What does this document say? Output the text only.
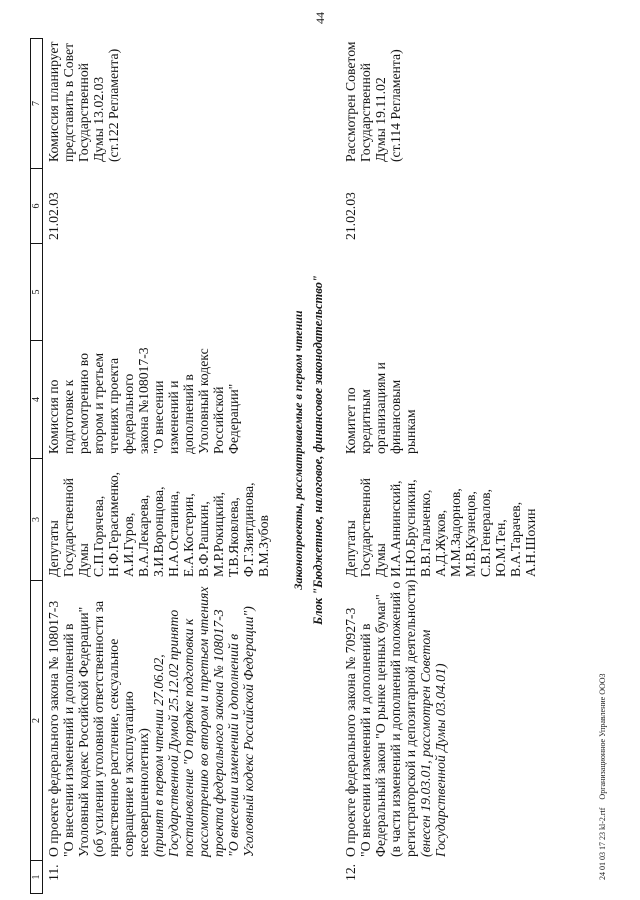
44
1
2
3
4
5
6
7
11.
О проекте федерального закона № 108017-3 "О внесении изменений и дополнений в Уголовный кодекс Российской Федерации" (об усилении уголовной ответственности за нравственное растление, сексуальное совращение и эксплуатацию несовершеннолетних) (принят в первом чтении 27.06.02, Государственной Думой 25.12.02 принято постановление "О порядке подготовки к рассмотрению во втором и третьем чтениях проекта федерального закона № 108017-3 "О внесении изменений и дополнений в Уголовный кодекс Российской Федерации")
Депутаты Государственной Думы С.П.Горячева, Н.Ф.Герасименко, А.И.Гуров, В.А.Лекарева, З.И.Воронцова, Н.А.Останина, Е.А.Костерин, В.Ф.Рашкин, М.Р.Рокицкий, Т.В.Яковлева, Ф.Г.Зиятдинова, В.М.Зубов
Комиссия по подготовке к рассмотрению во втором и третьем чтениях проекта федерального закона №108017-3 "О внесении изменений и дополнений в Уголовный кодекс Российской Федерации"
21.02.03
Комиссия планирует представить в Совет Государственной Думы 13.02.03 (ст.122 Регламента)
Законопроекты, рассматриваемые в первом чтении Блок "Бюджетное, налоговое, финансовое законодательство"
12.
О проекте федерального закона № 70927-3 "О внесении изменений и дополнений в Федеральный закон "О рынке ценных бумаг" (в части изменений и дополнений положений о регистраторской и депозитарной деятельности) (внесен 19.03.01, рассмотрен Советом Государственной Думы 03.04.01)
Депутаты Государственной Думы И.А.Аннинский, Н.Ю.Брусникин, В.В.Гальченко, А.Д.Жуков, М.М.Задорнов, М.В.Кузнецов, С.В.Генералов, Ю.М.Тен, В.А.Тарачев, А.Н.Шохин
Комитет по кредитным организациям и финансовым рынкам
21.02.03
Рассмотрен Советом Государственной Думы 19.11.02 (ст.114 Регламента)
24 01 03 17 23 kl-2.rtfОрганизационное Управление ООО3
